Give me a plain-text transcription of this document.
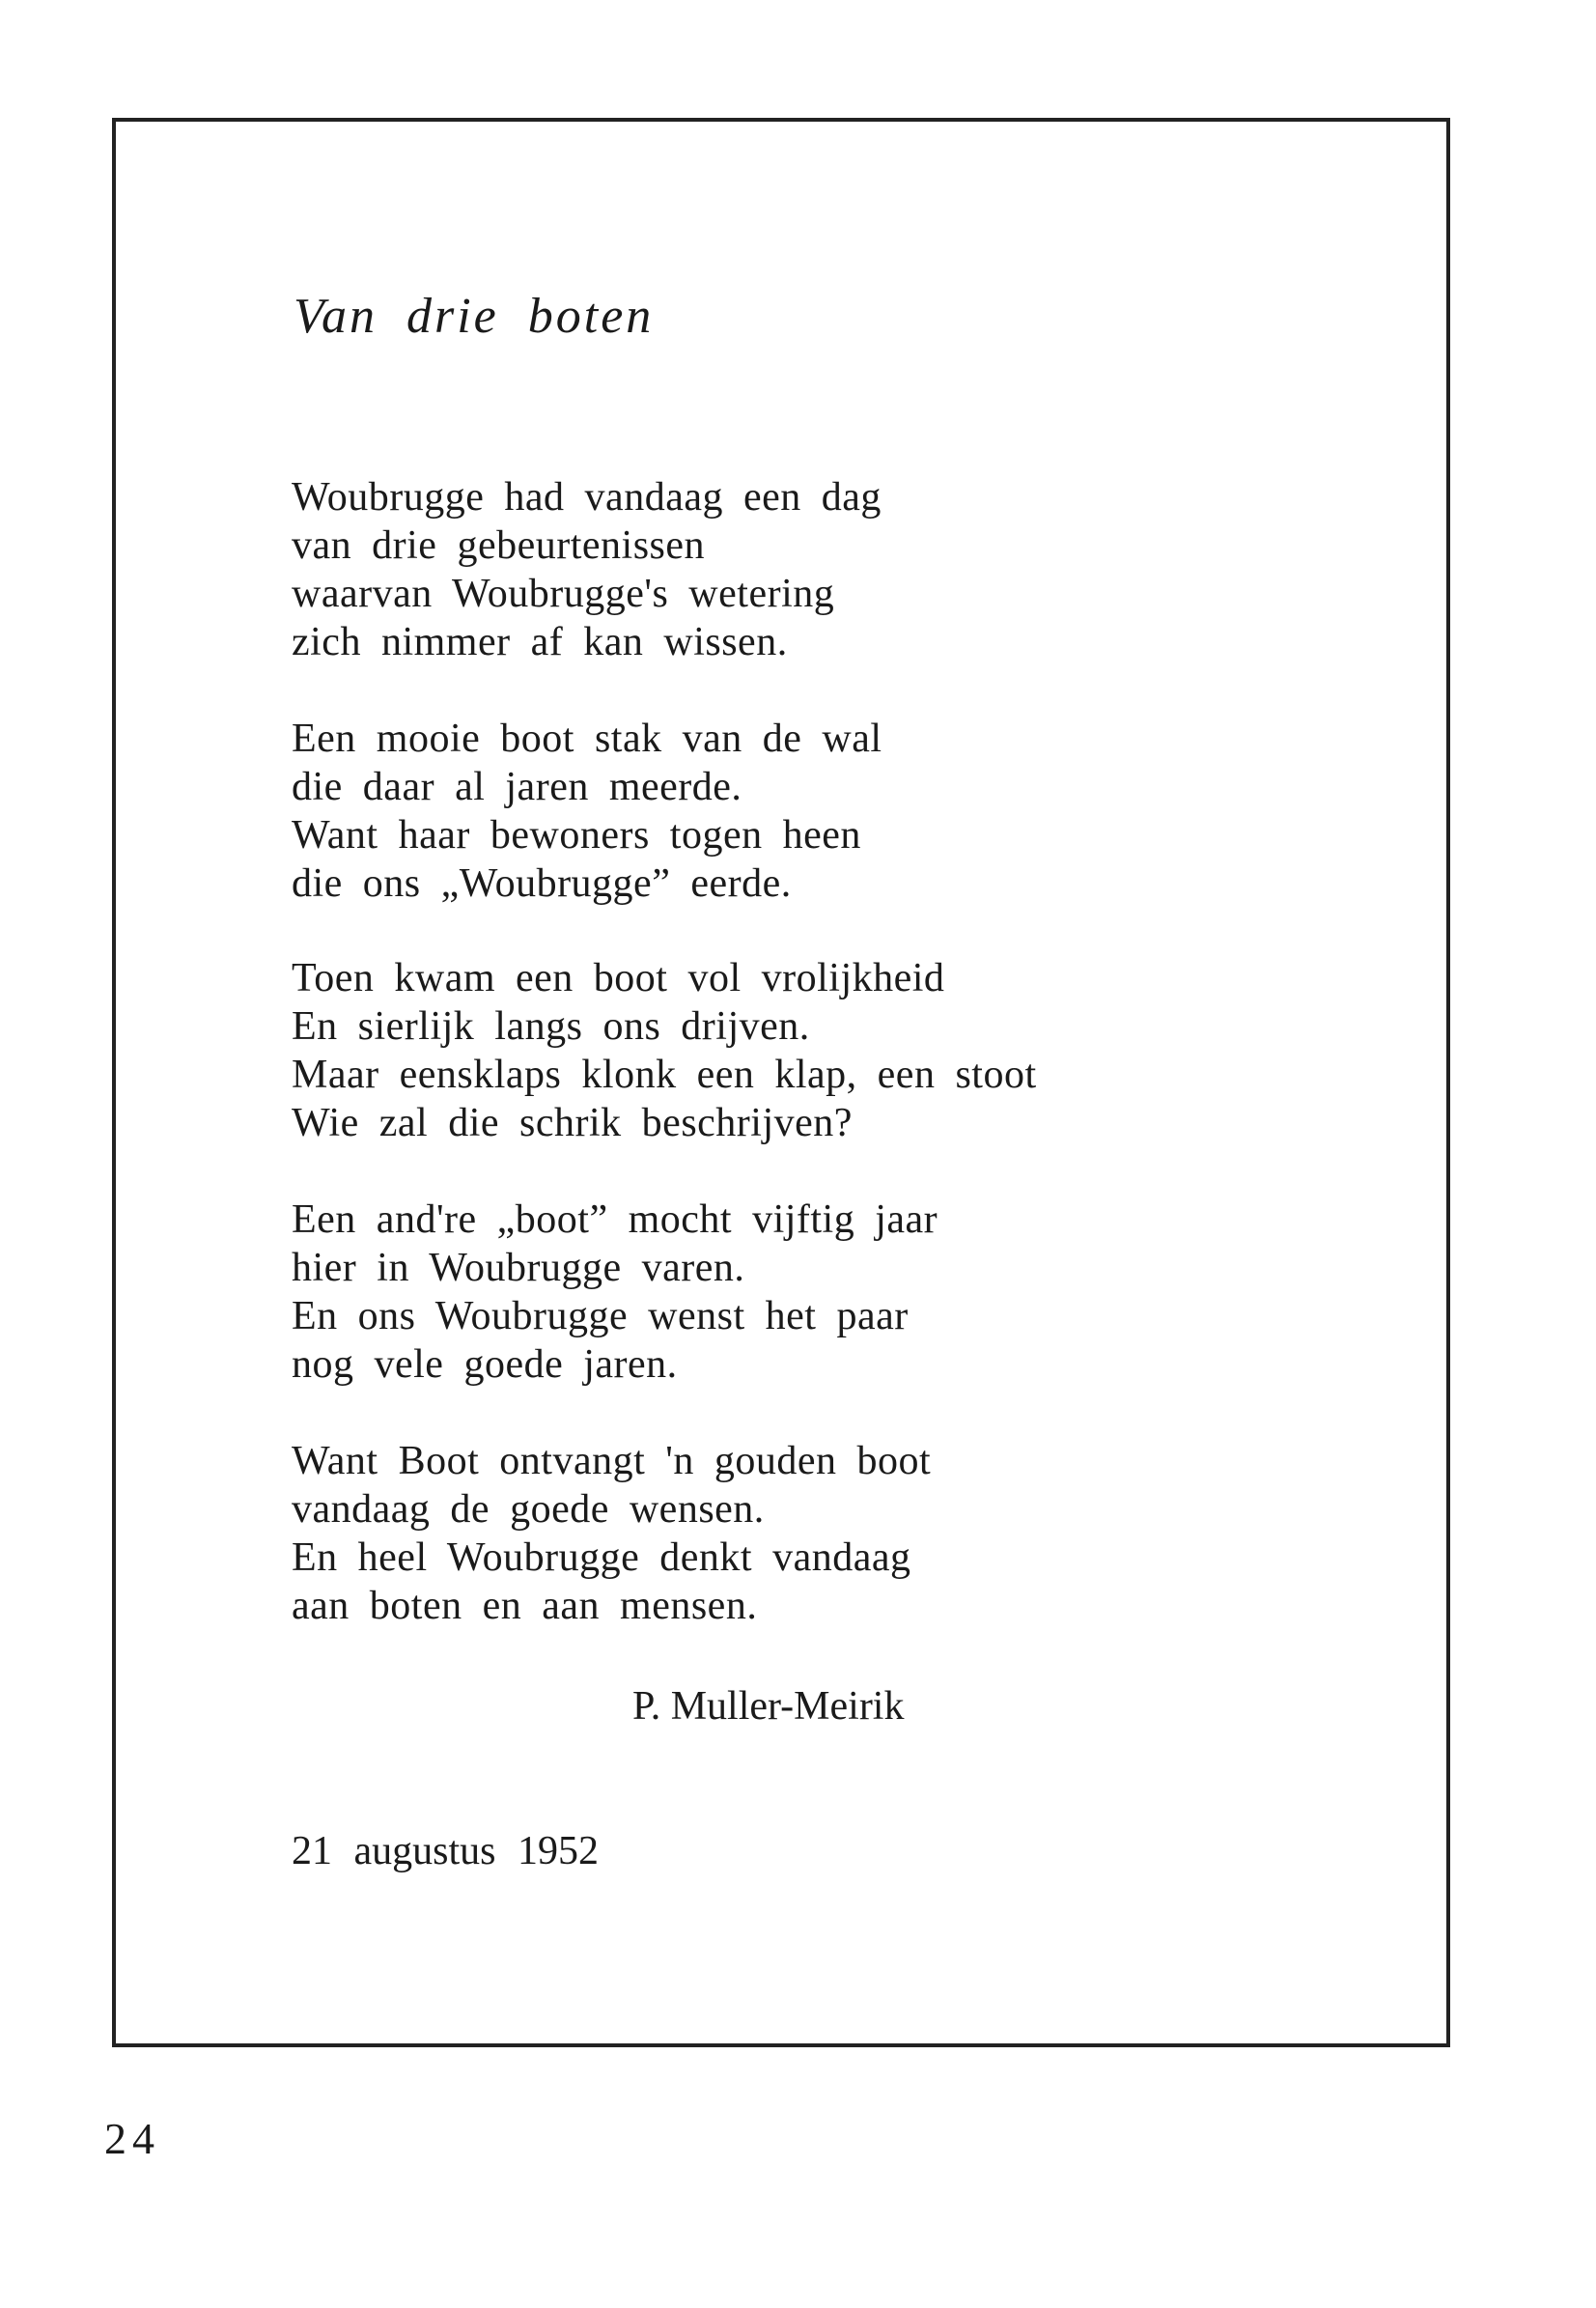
Van drie boten

Woubrugge had vandaag een dag
van drie gebeurtenissen
waarvan Woubrugge's wetering
zich nimmer af kan wissen.

Een mooie boot stak van de wal
die daar al jaren meerde.
Want haar bewoners togen heen
die ons „Woubrugge” eerde.

Toen kwam een boot vol vrolijkheid
En sierlijk langs ons drijven.
Maar eensklaps klonk een klap, een stoot
Wie zal die schrik beschrijven?

Een and're „boot” mocht vijftig jaar
hier in Woubrugge varen.
En ons Woubrugge wenst het paar
nog vele goede jaren.

Want Boot ontvangt 'n gouden boot
vandaag de goede wensen.
En heel Woubrugge denkt vandaag
aan boten en aan mensen.

P. Muller-Meirik

21 augustus 1952

24
